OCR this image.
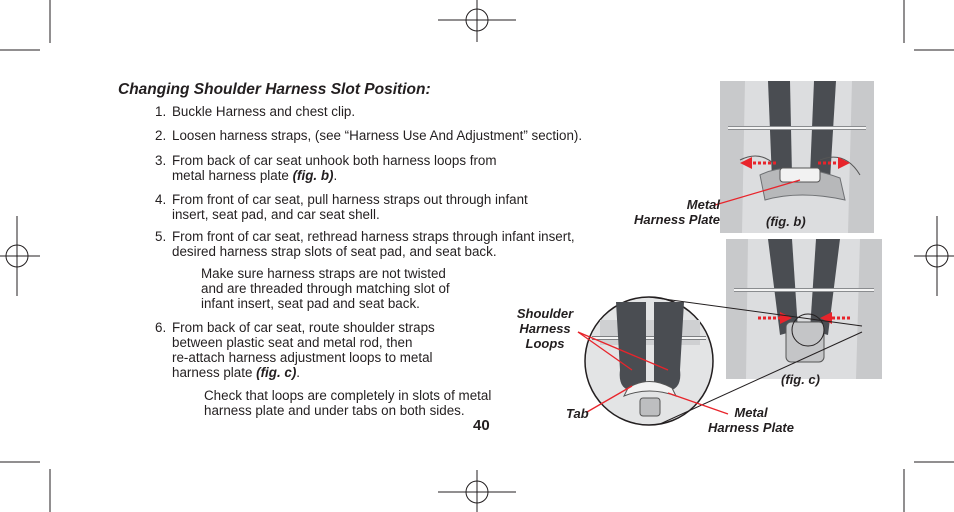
Changing Shoulder Harness Slot Position:
1. Buckle Harness and chest clip.
2. Loosen harness straps, (see “Harness Use And Adjustment” section).
3. From back of car seat unhook both harness loops from
metal harness plate (fig. b).
4. From front of car seat, pull harness straps out through infant
insert, seat pad, and car seat shell.
5. From front of car seat, rethread harness straps through infant insert,
desired harness strap slots of seat pad, and seat back.
Make sure harness straps are not twisted
and are threaded through matching slot of
infant insert, seat pad and seat back.
6. From back of car seat, route shoulder straps
between plastic seat and metal rod, then
re-attach harness adjustment loops to metal
harness plate (fig. c).
Check that loops are completely in slots of metal
harness plate and under tabs on both sides.
40
Metal
Harness Plate	(fig. b)
Shoulder
Harness
Loops
Tab	Metal
Harness Plate
(fig. c)
